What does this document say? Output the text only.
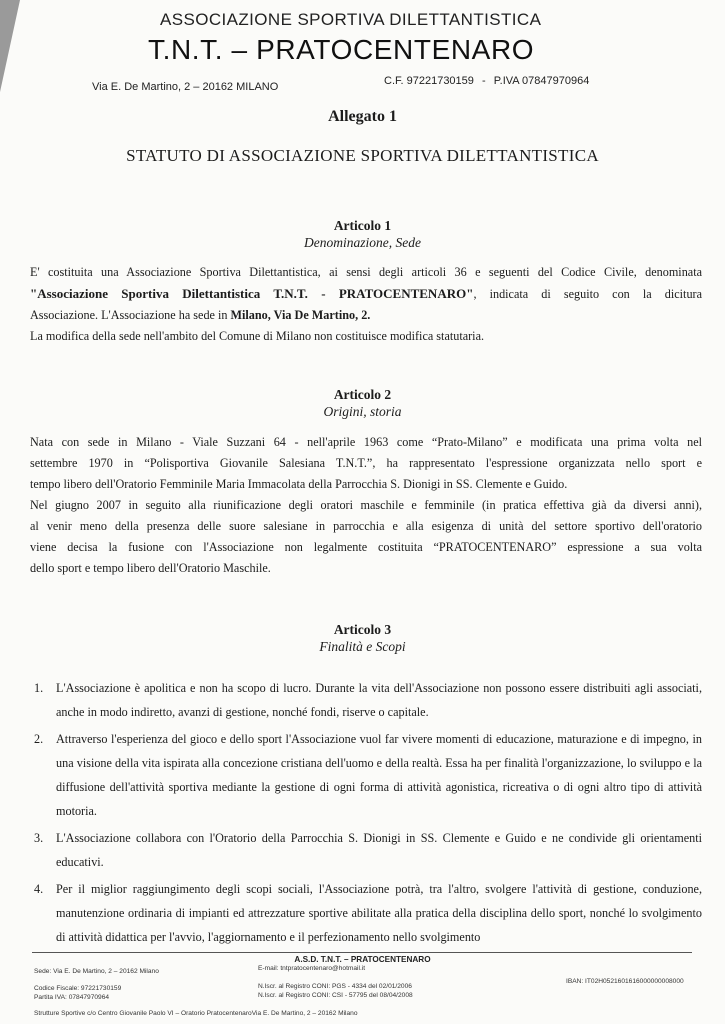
ASSOCIAZIONE SPORTIVA DILETTANTISTICA
T.N.T. – PRATOCENTENARO
Via E. De Martino, 2 – 20162 MILANO	C.F. 97221730159 - P.IVA 07847970964
Allegato 1
STATUTO DI ASSOCIAZIONE SPORTIVA DILETTANTISTICA
Articolo 1
Denominazione, Sede
E' costituita una Associazione Sportiva Dilettantistica, ai sensi degli articoli 36 e seguenti del Codice Civile, denominata
"Associazione Sportiva Dilettantistica T.N.T. - PRATOCENTENARO", indicata di seguito con la dicitura
Associazione. L'Associazione ha sede in Milano, Via De Martino, 2.
La modifica della sede nell'ambito del Comune di Milano non costituisce modifica statutaria.
Articolo 2
Origini, storia
Nata con sede in Milano - Viale Suzzani 64 - nell'aprile 1963 come “Prato-Milano” e modificata una prima volta nel
settembre 1970 in “Polisportiva Giovanile Salesiana T.N.T.”, ha rappresentato l'espressione organizzata nello sport e
tempo libero dell'Oratorio Femminile Maria Immacolata della Parrocchia S. Dionigi in SS. Clemente e Guido.
Nel giugno 2007 in seguito alla riunificazione degli oratori maschile e femminile (in pratica effettiva già da diversi anni),
al venir meno della presenza delle suore salesiane in parrocchia e alla esigenza di unità del settore sportivo dell'oratorio
viene decisa la fusione con l'Associazione non legalmente costituita “PRATOCENTENARO” espressione a sua volta
dello sport e tempo libero dell'Oratorio Maschile.
Articolo 3
Finalità e Scopi
1. L'Associazione è apolitica e non ha scopo di lucro. Durante la vita dell'Associazione non possono essere distribuiti agli associati, anche in modo indiretto, avanzi di gestione, nonché fondi, riserve o capitale.
2. Attraverso l'esperienza del gioco e dello sport l'Associazione vuol far vivere momenti di educazione, maturazione e di impegno, in una visione della vita ispirata alla concezione cristiana dell'uomo e della realtà. Essa ha per finalità l'organizzazione, lo sviluppo e la diffusione dell'attività sportiva mediante la gestione di ogni forma di attività agonistica, ricreativa o di ogni altro tipo di attività motoria.
3. L'Associazione collabora con l'Oratorio della Parrocchia S. Dionigi in SS. Clemente e Guido e ne condivide gli orientamenti educativi.
4. Per il miglior raggiungimento degli scopi sociali, l'Associazione potrà, tra l'altro, svolgere l'attività di gestione, conduzione, manutenzione ordinaria di impianti ed attrezzature sportive abilitate alla pratica della disciplina dello sport, nonché lo svolgimento di attività didattica per l'avvio, l'aggiornamento e il perfezionamento nello svolgimento
A.S.D. T.N.T. – PRATOCENTENARO
Sede: Via E. De Martino, 2 – 20162 Milano	E-mail: tntpratocentenaro@hotmail.it
Codice Fiscale: 97221730159
Partita IVA: 07847970964
N.Iscr. al Registro CONI: PGS - 4334 del 02/01/2006
N.Iscr. al Registro CONI: CSI - 57795 del 08/04/2008
IBAN: IT02H0521601616000000008000
Strutture Sportive c/o Centro Giovanile Paolo VI – Oratorio PratocentenaroVia E. De Martino, 2 – 20162 Milano
